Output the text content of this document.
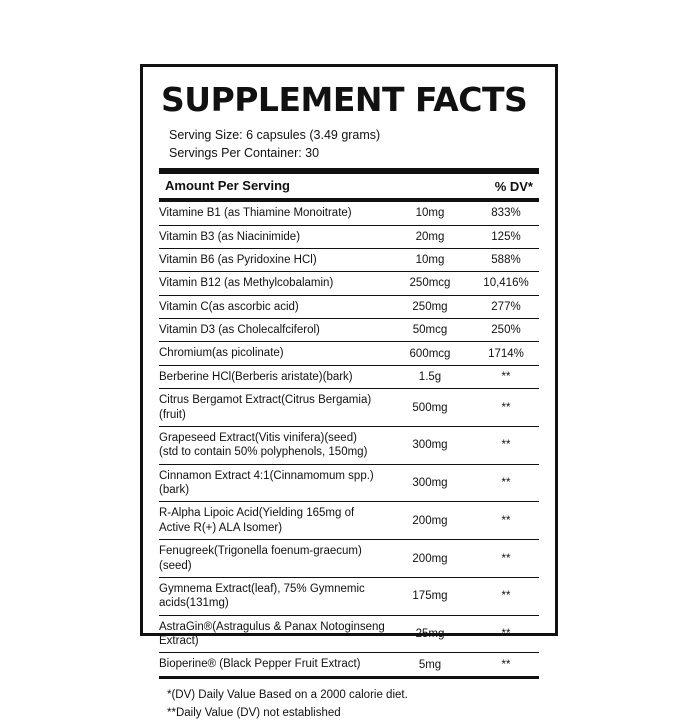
SUPPLEMENT FACTS
Serving Size: 6 capsules (3.49 grams)
Servings Per Container: 30
Amount Per Serving		% DV*
Vitamine B1 (as Thiamine Monoitrate)	10mg	833%
Vitamin B3 (as Niacinimide)	20mg	125%
Vitamin B6 (as Pyridoxine HCl)	10mg	588%
Vitamin B12 (as Methylcobalamin)	250mcg	10,416%
Vitamin C(as ascorbic acid)	250mg	277%
Vitamin D3 (as Cholecalfciferol)	50mcg	250%
Chromium(as picolinate)	600mcg	1714%
Berberine HCl(Berberis aristate)(bark)	1.5g	**
Citrus Bergamot Extract(Citrus Bergamia)(fruit)	500mg	**

Grapeseed Extract(Vitis vinifera)(seed)
(std to contain 50% polyphenols, 150mg)	300mg	**
Cinnamon Extract 4:1(Cinnamomum spp.)(bark)	300mg	**

R-Alpha Lipoic Acid(Yielding 165mg of
Active R(+) ALA Isomer)	200mg	**
Fenugreek(Trigonella foenum-graecum)(seed)	200mg	**
Gymnema Extract(leaf), 75% Gymnemic acids(131mg)	175mg	**
AstraGin®(Astragulus & Panax Notoginseng Extract)	25mg	**
Bioperine® (Black Pepper Fruit Extract)	5mg	**
*(DV) Daily Value Based on a 2000 calorie diet.
**Daily Value (DV) not established
